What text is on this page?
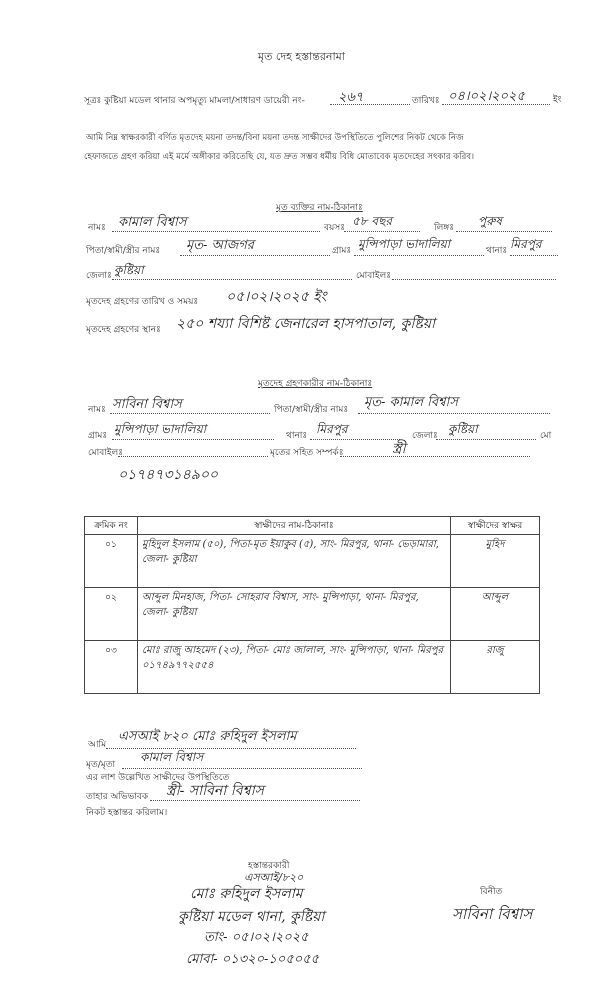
মৃত দেহ হস্তান্তরনামা
সূত্রঃ কুষ্টিয়া মডেল থানার অপমৃত্যু মামলা/সাধারণ ডায়েরী নং-	২৬৭	তারিখঃ ০৪।০২।২০২৫	ইং
আমি নিম্ন স্বাক্ষরকারী বর্ণিত মৃতদেহ ময়না তদন্ত/বিনা ময়না তদন্ত সাক্ষীদের উপস্থিতিতে পুলিশের নিকট থেকে নিজ
হেফাজতে গ্রহণ করিয়া এই মর্মে অঙ্গীকার করিতেছি যে, যত দ্রুত সম্ভব ধর্মীয় বিধি মোতাবেক মৃতদেহের সৎকার করিব।
মৃত ব্যক্তির নাম-ঠিকানাঃ
নামঃ কামাল বিশ্বাস	বয়সঃ ৫৮ বছর	লিঙ্গঃ পুরুষ
পিতা/স্বামী/স্ত্রীর নামঃ মৃত- আজগর	গ্রামঃ মুন্সিপাড়া ভাদালিয়া	থানাঃ মিরপুর
জেলাঃ কুষ্টিয়া	মোবাইলঃ
মৃতদেহ গ্রহণের তারিখ ও সময়ঃ ০৫।০২।২০২৫ ইং
মৃতদেহ গ্রহণের স্থানঃ ২৫০ শয্যা বিশিষ্ট জেনারেল হাসপাতাল, কুষ্টিয়া
মৃতদেহ গ্রহণকারীর নাম-ঠিকানাঃ
নামঃ সাবিনা বিশ্বাস	পিতা/স্বামী/স্ত্রীর নামঃ মৃত- কামাল বিশ্বাস
গ্রামঃ মুন্সিপাড়া ভাদালিয়া	থানাঃ মিরপুর	জেলাঃ কুষ্টিয়া	মো
মোবাইলঃ
০১৭৪৭৩১৪৯০০
মৃতের সহিত সম্পর্কঃ	স্ত্রী
ক্রমিক নং	স্বাক্ষীদের নাম-ঠিকানাঃ	স্বাক্ষীদের স্বাক্ষর
০১	মুহিদুল ইসলাম (৫০), পিতা-মৃত ইয়াকুব (৫), সাং- মিরপুর, থানা- ভেড়ামারা, জেলা- কুষ্টিয়া	মুহিদ
০২	আব্দুল মিনহাজ, পিতা- সোহরাব বিশ্বাস, সাং- মুন্সিপাড়া, থানা- মিরপুর, জেলা- কুষ্টিয়া	আব্দুল
০৩	মোঃ রাজু আহমেদ (২৩), পিতা- মোঃ জালাল, সাং- মুন্সিপাড়া, থানা- মিরপুর ০১৭৪৯৭৭২৫৫৪	রাজু
আমি
এসআই ৮২০ মোঃ রুহিদুল ইসলাম
মৃত/মৃতা
কামাল বিশ্বাস
এর লাশ উল্লেখিত সাক্ষীদের উপস্থিতিতে
তাহার অভিভাবক স্ত্রী- সাবিনা বিশ্বাস
নিকট হস্তান্তর করিলাম।
হস্তান্তরকারী
এসআই/৮২০
মোঃ রুহিদুল ইসলাম
কুষ্টিয়া মডেল থানা, কুষ্টিয়া
তাং- ০৫।০২।২০২৫
মোবা- ০১৩২০-১০৫০৫৫
বিনীত
সাবিনা বিশ্বাস
